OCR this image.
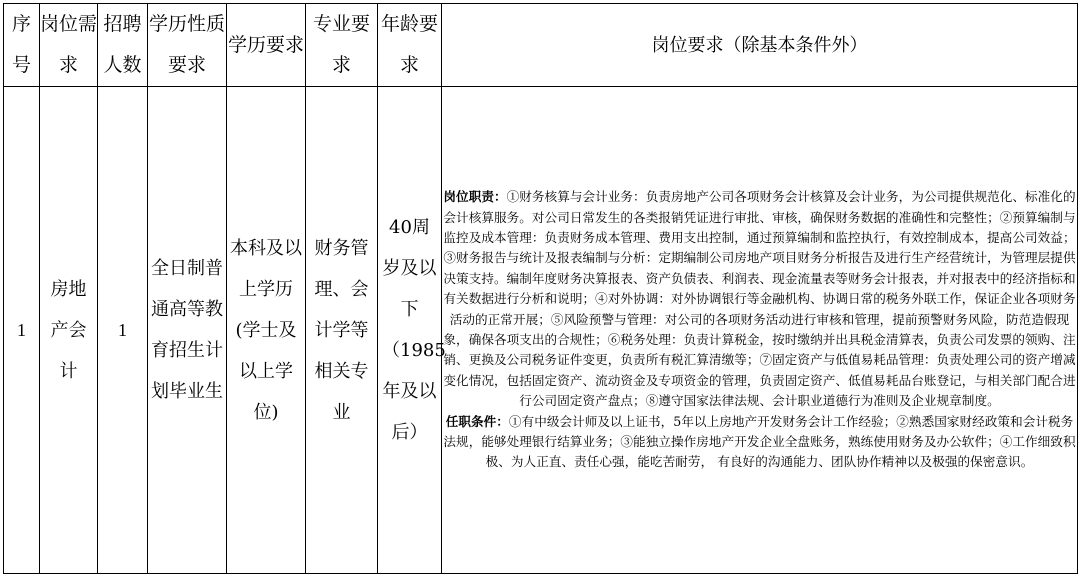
序号	岗位需求	招聘人数	学历性质要求	学历要求	专业要求	年龄要求	岗位要求（除基本条件外）
1	房地产会计	1	全日制普通高等教育招生计划毕业生	本科及以上学历(学士及以上学位)	财务管理、会计学等相关专业	40周岁及以下（1985年及以后）	岗位职责：①财务核算与会计业务：负责房地产公司各项财务会计核算及会计业务，为公司提供规范化、标准化的会计核算服务。对公司日常发生的各类报销凭证进行审批、审核，确保财务数据的准确性和完整性；②预算编制与监控及成本管理：负责财务成本管理、费用支出控制，通过预算编制和监控执行，有效控制成本，提高公司效益；③财务报告与统计及报表编制与分析：定期编制公司房地产项目财务分析报告及进行生产经营统计，为管理层提供决策支持。编制年度财务决算报表、资产负债表、利润表、现金流量表等财务会计报表，并对报表中的经济指标和有关数据进行分析和说明；④对外协调：对外协调银行等金融机构、协调日常的税务外联工作，保证企业各项财务活动的正常开展；⑤风险预警与管理：对公司的各项财务活动进行审核和管理，提前预警财务风险，防范造假现象，确保各项支出的合规性；⑥税务处理：负责计算税金，按时缴纳并出具税金清算表，负责公司发票的领购、注销、更换及公司税务证件变更，负责所有税汇算清缴等；⑦固定资产与低值易耗品管理：负责处理公司的资产增减变化情况，包括固定资产、流动资金及专项资金的管理，负责固定资产、低值易耗品台账登记，与相关部门配合进行公司固定资产盘点；⑧遵守国家法律法规、会计职业道德行为准则及企业规章制度。

任职条件：①有中级会计师及以上证书，5年以上房地产开发财务会计工作经验；②熟悉国家财经政策和会计税务法规，能够处理银行结算业务；③能独立操作房地产开发企业全盘账务，熟练使用财务及办公软件；④工作细致积极、为人正直、责任心强，能吃苦耐劳， 有良好的沟通能力、团队协作精神以及极强的保密意识。
